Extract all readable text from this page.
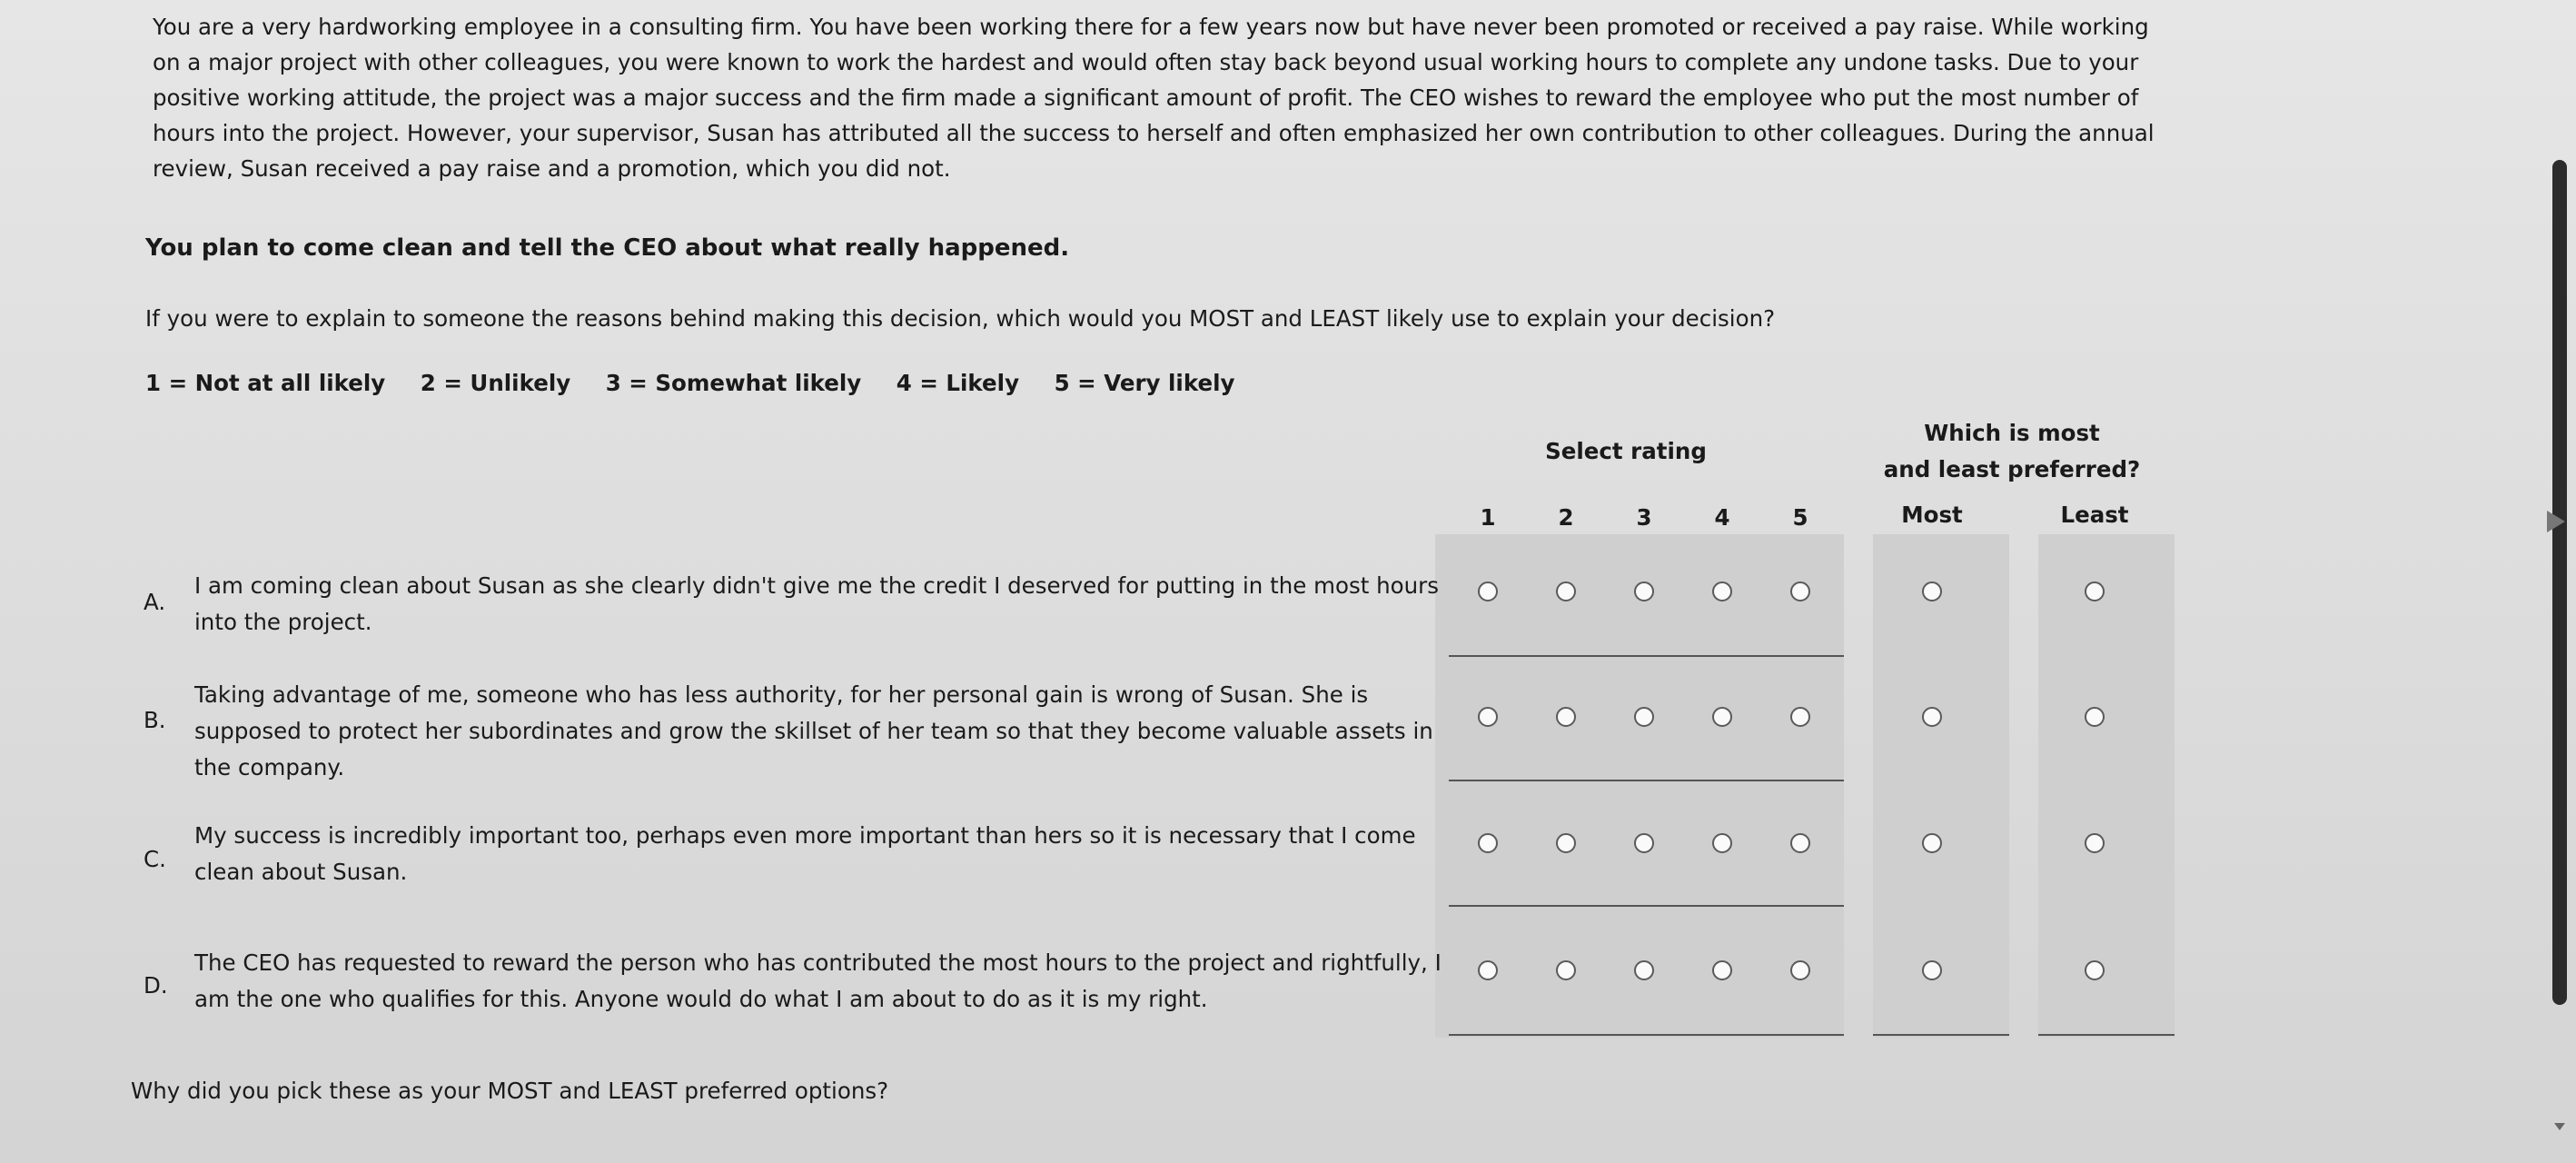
You are a very hardworking employee in a consulting firm. You have been working there for a few years now but have never been promoted or received a pay raise. While working on a major project with other colleagues, you were known to work the hardest and would often stay back beyond usual working hours to complete any undone tasks. Due to your positive working attitude, the project was a major success and the firm made a significant amount of profit. The CEO wishes to reward the employee who put the most number of hours into the project. However, your supervisor, Susan has attributed all the success to herself and often emphasized her own contribution to other colleagues. During the annual review, Susan received a pay raise and a promotion, which you did not.

You plan to come clean and tell the CEO about what really happened.

If you were to explain to someone the reasons behind making this decision, which would you MOST and LEAST likely use to explain your decision?

1 = Not at all likely 2 = Unlikely 3 = Somewhat likely 4 = Likely 5 = Very likely
Select rating
Which is most
and least preferred?
1	2	3	4	5	Most	Least
A.

I am coming clean about Susan as she clearly didn't give me the credit I deserved for putting in the most hours
into the project.

B.

Taking advantage of me, someone who has less authority, for her personal gain is wrong of Susan. She is
supposed to protect her subordinates and grow the skillset of her team so that they become valuable assets in
the company.

C.

My success is incredibly important too, perhaps even more important than hers so it is necessary that I come
clean about Susan.

D.

The CEO has requested to reward the person who has contributed the most hours to the project and rightfully, I
am the one who qualifies for this. Anyone would do what I am about to do as it is my right.

Why did you pick these as your MOST and LEAST preferred options?
